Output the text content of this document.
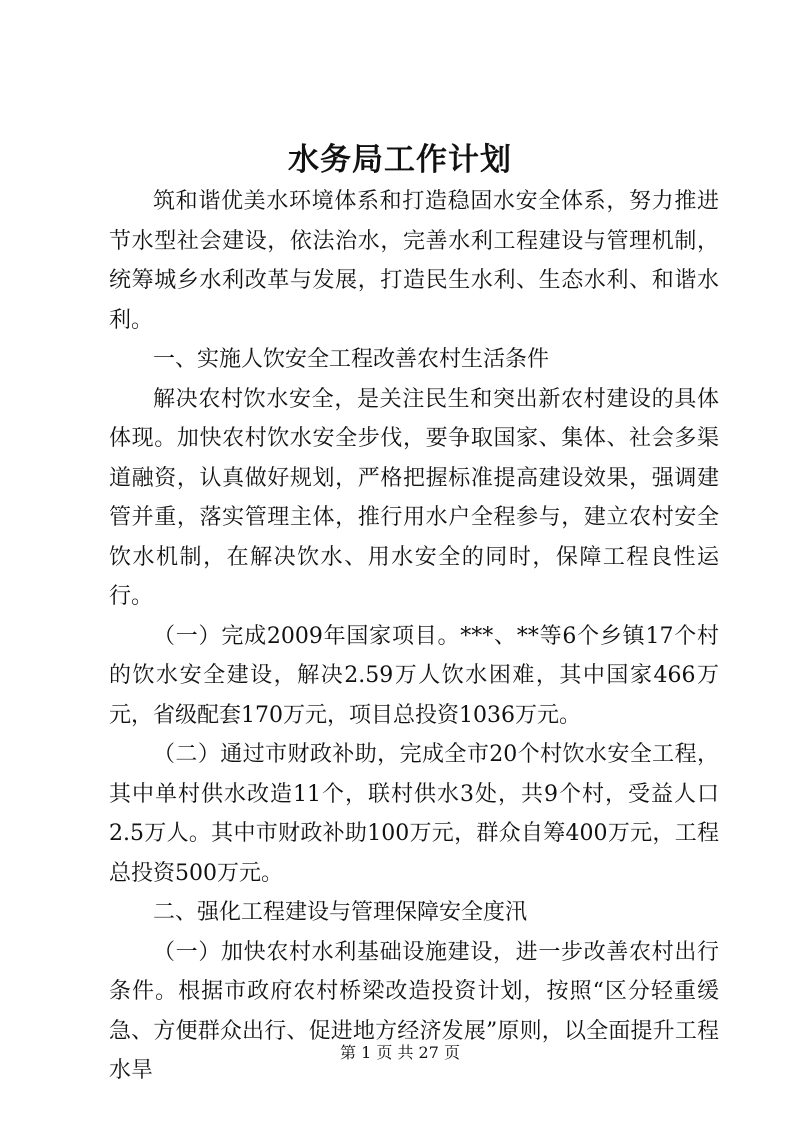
水务局工作计划

筑和谐优美水环境体系和打造稳固水安全体系，努力推进节水型社会建设，依法治水，完善水利工程建设与管理机制，统筹城乡水利改革与发展，打造民生水利、生态水利、和谐水利。

一、实施人饮安全工程改善农村生活条件

解决农村饮水安全，是关注民生和突出新农村建设的具体体现。加快农村饮水安全步伐，要争取国家、集体、社会多渠道融资，认真做好规划，严格把握标准提高建设效果，强调建管并重，落实管理主体，推行用水户全程参与，建立农村安全饮水机制，在解决饮水、用水安全的同时，保障工程良性运行。

（一）完成2009年国家项目。***、**等6个乡镇17个村的饮水安全建设，解决2.59万人饮水困难，其中国家466万元，省级配套170万元，项目总投资1036万元。

（二）通过市财政补助，完成全市20个村饮水安全工程，其中单村供水改造11个，联村供水3处，共9个村，受益人口2.5万人。其中市财政补助100万元，群众自筹400万元，工程总投资500万元。

二、强化工程建设与管理保障安全度汛

（一）加快农村水利基础设施建设，进一步改善农村出行条件。根据市政府农村桥梁改造投资计划，按照“区分轻重缓急、方便群众出行、促进地方经济发展”原则，以全面提升工程水旱

第 1 页 共 27 页
